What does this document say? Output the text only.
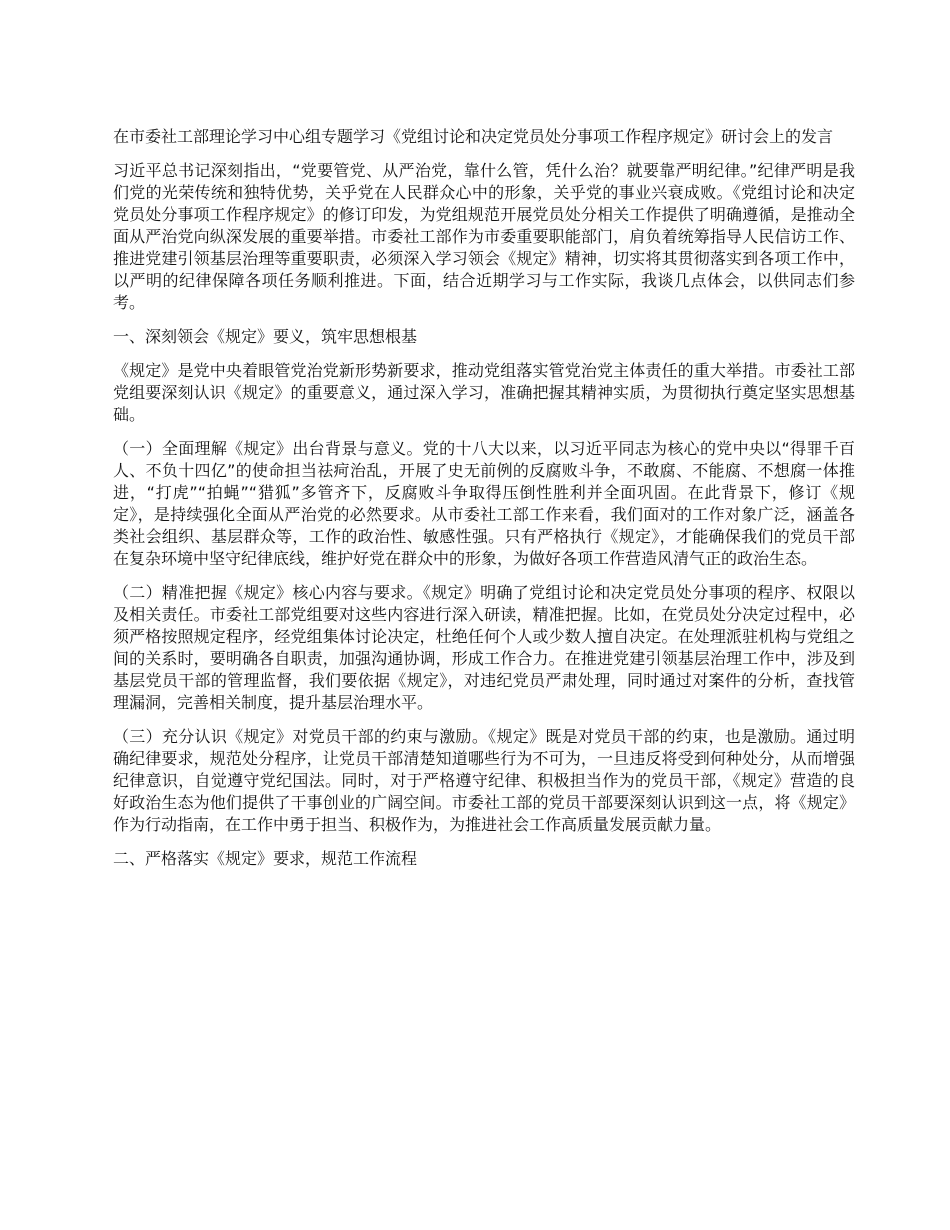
在市委社工部理论学习中心组专题学习《党组讨论和决定党员处分事项工作程序规定》研讨会上的发言

习近平总书记深刻指出，“党要管党、从严治党，靠什么管，凭什么治？就要靠严明纪律。”纪律严明是我们党的光荣传统和独特优势，关乎党在人民群众心中的形象，关乎党的事业兴衰成败。《党组讨论和决定党员处分事项工作程序规定》的修订印发，为党组规范开展党员处分相关工作提供了明确遵循，是推动全面从严治党向纵深发展的重要举措。市委社工部作为市委重要职能部门，肩负着统筹指导人民信访工作、推进党建引领基层治理等重要职责，必须深入学习领会《规定》精神，切实将其贯彻落实到各项工作中，以严明的纪律保障各项任务顺利推进。下面，结合近期学习与工作实际，我谈几点体会，以供同志们参考。

一、深刻领会《规定》要义，筑牢思想根基

《规定》是党中央着眼管党治党新形势新要求，推动党组落实管党治党主体责任的重大举措。市委社工部党组要深刻认识《规定》的重要意义，通过深入学习，准确把握其精神实质，为贯彻执行奠定坚实思想基础。

（一）全面理解《规定》出台背景与意义。党的十八大以来，以习近平同志为核心的党中央以“得罪千百人、不负十四亿”的使命担当祛疴治乱，开展了史无前例的反腐败斗争，不敢腐、不能腐、不想腐一体推进，“打虎”“拍蝇”“猎狐”多管齐下，反腐败斗争取得压倒性胜利并全面巩固。在此背景下，修订《规定》，是持续强化全面从严治党的必然要求。从市委社工部工作来看，我们面对的工作对象广泛，涵盖各类社会组织、基层群众等，工作的政治性、敏感性强。只有严格执行《规定》，才能确保我们的党员干部在复杂环境中坚守纪律底线，维护好党在群众中的形象，为做好各项工作营造风清气正的政治生态。

（二）精准把握《规定》核心内容与要求。《规定》明确了党组讨论和决定党员处分事项的程序、权限以及相关责任。市委社工部党组要对这些内容进行深入研读，精准把握。比如，在党员处分决定过程中，必须严格按照规定程序，经党组集体讨论决定，杜绝任何个人或少数人擅自决定。在处理派驻机构与党组之间的关系时，要明确各自职责，加强沟通协调，形成工作合力。在推进党建引领基层治理工作中，涉及到基层党员干部的管理监督，我们要依据《规定》，对违纪党员严肃处理，同时通过对案件的分析，查找管理漏洞，完善相关制度，提升基层治理水平。

（三）充分认识《规定》对党员干部的约束与激励。《规定》既是对党员干部的约束，也是激励。通过明确纪律要求，规范处分程序，让党员干部清楚知道哪些行为不可为，一旦违反将受到何种处分，从而增强纪律意识，自觉遵守党纪国法。同时，对于严格遵守纪律、积极担当作为的党员干部，《规定》营造的良好政治生态为他们提供了干事创业的广阔空间。市委社工部的党员干部要深刻认识到这一点，将《规定》作为行动指南，在工作中勇于担当、积极作为，为推进社会工作高质量发展贡献力量。

二、严格落实《规定》要求，规范工作流程
